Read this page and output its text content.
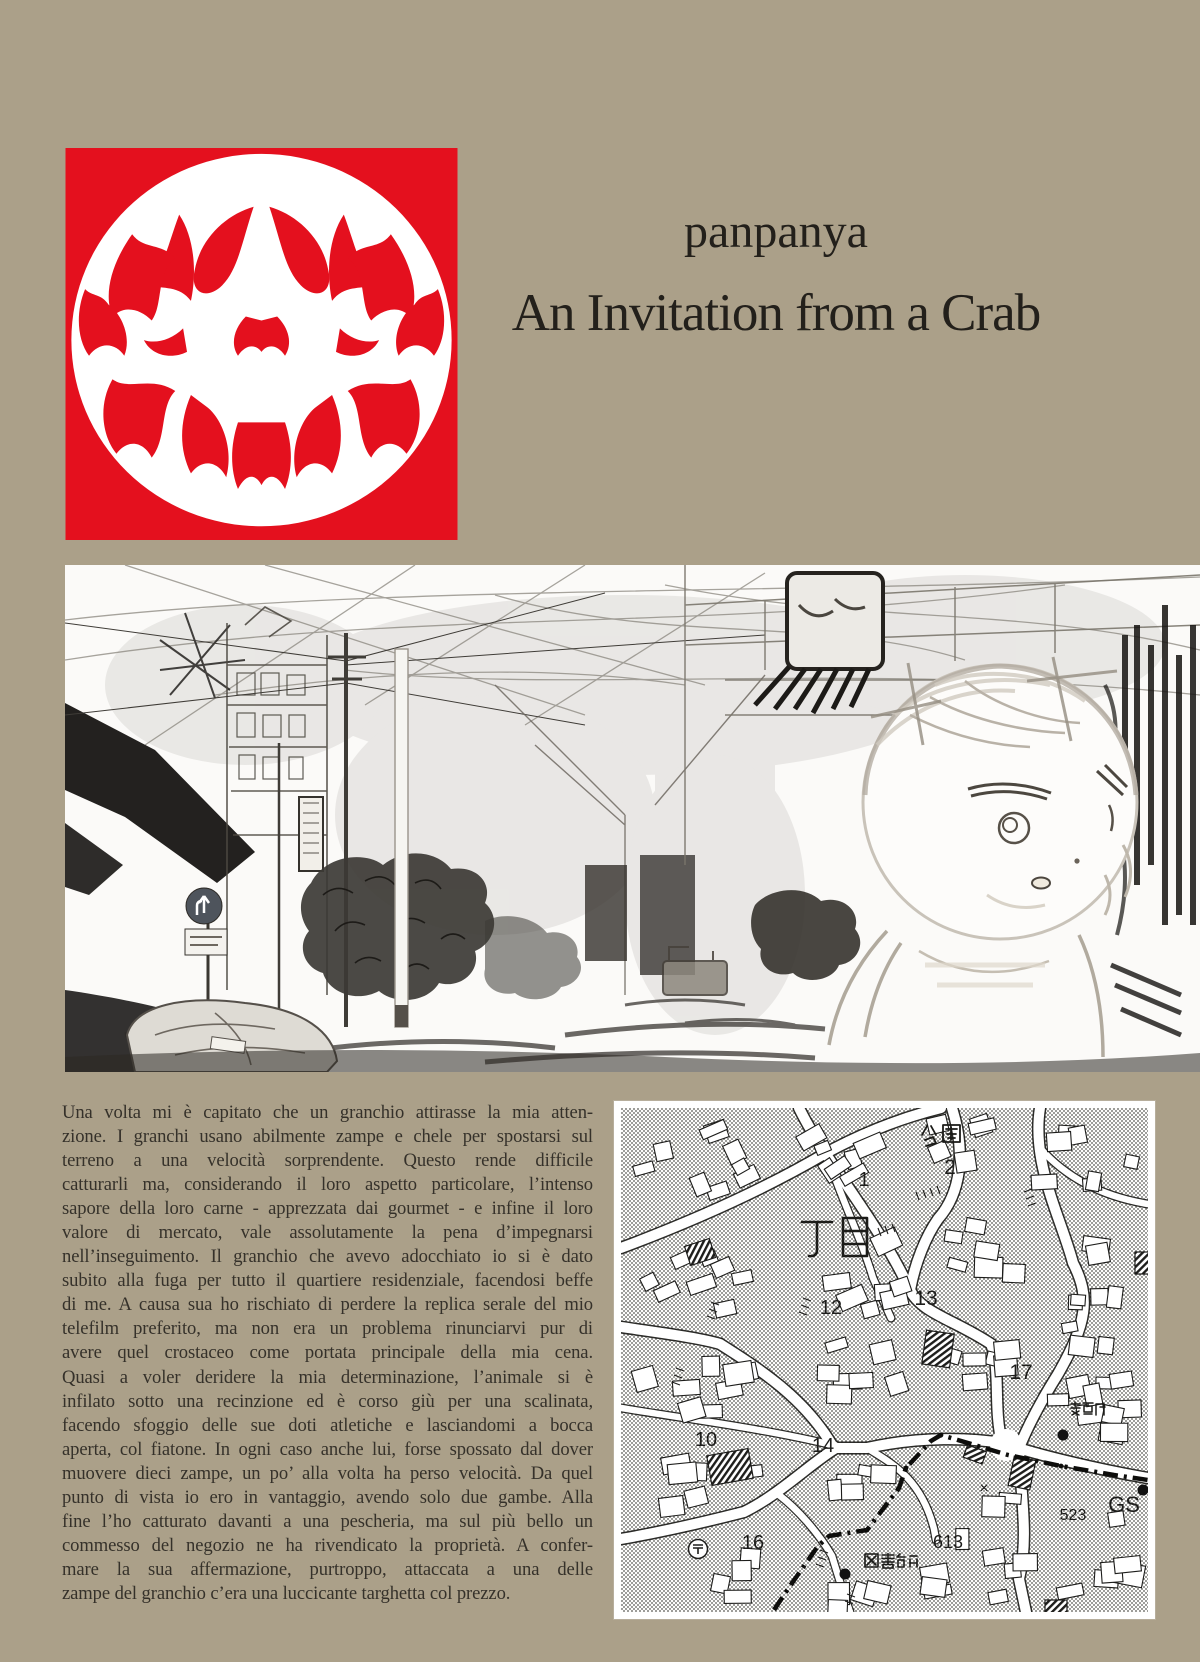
panpanya
An Invitation from a Crab
Una volta mi è capitato che un granchio attirasse la mia atten-
zione. I granchi usano abilmente zampe e chele per spostarsi sul
terreno a una velocità sorprendente. Questo rende difficile
catturarli ma, considerando il loro aspetto particolare, l’intenso
sapore della loro carne - apprezzata dai gourmet - e infine il loro
valore di mercato, vale assolutamente la pena d’impegnarsi
nell’inseguimento. Il granchio che avevo adocchiato io si è dato
subito alla fuga per tutto il quartiere residenziale, facendosi beffe
di me. A causa sua ho rischiato di perdere la replica serale del mio
telefilm preferito, ma non era un problema rinunciarvi pur di
avere quel crostaceo come portata principale della mia cena.
Quasi a voler deridere la mia determinazione, l’animale si è
infilato sotto una recinzione ed è corso giù per una scalinata,
facendo sfoggio delle sue doti atletiche e lasciandomi a bocca
aperta, col fiatone. In ogni caso anche lui, forse spossato dal dover
muovere dieci zampe, un po’ alla volta ha perso velocità. Da quel
punto di vista io ero in vantaggio, avendo solo due gambe. Alla
fine l’ho catturato davanti a una pescheria, ma sul più bello un
commesso del negozio ne ha rivendicato la proprietà. A confer-
mare la sua affermazione, purtroppo, attaccata a una delle
zampe del granchio c’era una luccicante targhetta col prezzo.
1
2
12	13
17
10	14
16	613
523 GS
×
